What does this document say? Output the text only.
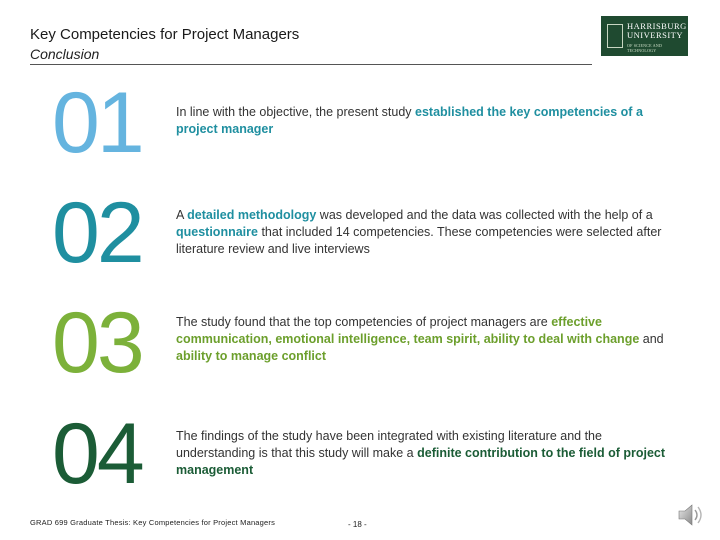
Key Competencies for Project Managers
Conclusion
HARRISBURG
UNIVERSITY
OF SCIENCE AND TECHNOLOGY
01	In line with the objective, the present study established the key competencies of a project manager
02	A detailed methodology was developed and the data was collected with the help of a questionnaire that included 14 competencies. These competencies were selected after literature review and live interviews
03	The study found that the top competencies of project managers are effective communication, emotional intelligence, team spirit, ability to deal with change and ability to manage conflict
04	The findings of the study have been integrated with existing literature and the understanding is that this study will make a definite contribution to the field of project management
GRAD 699 Graduate Thesis: Key Competencies for Project Managers	- 18 -
